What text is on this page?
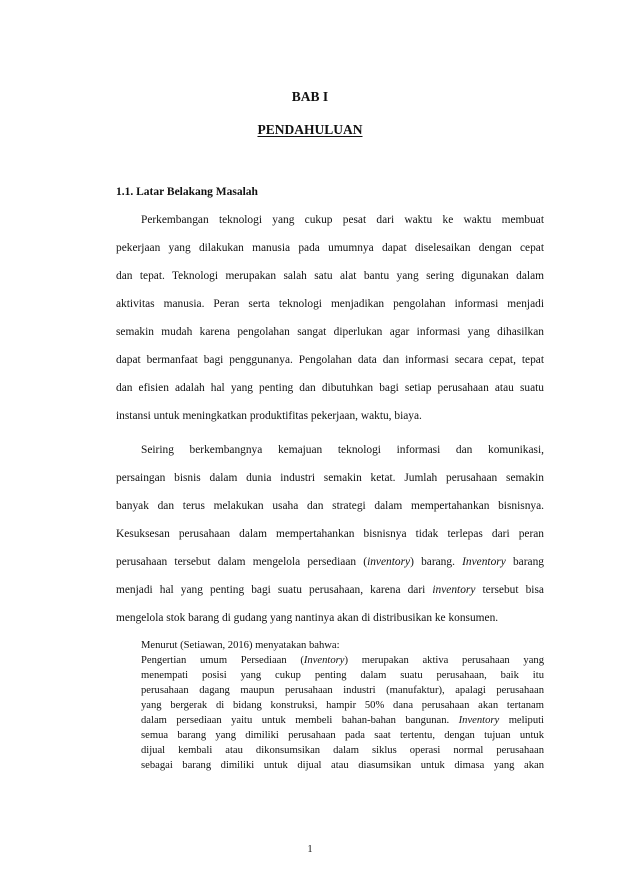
BAB I
PENDAHULUAN
1.1. Latar Belakang Masalah
Perkembangan teknologi yang cukup pesat dari waktu ke waktu membuat
pekerjaan yang dilakukan manusia pada umumnya dapat diselesaikan dengan cepat
dan tepat. Teknologi merupakan salah satu alat bantu yang sering digunakan dalam
aktivitas manusia. Peran serta teknologi menjadikan pengolahan informasi menjadi
semakin mudah karena pengolahan sangat diperlukan agar informasi yang dihasilkan
dapat bermanfaat bagi penggunanya. Pengolahan data dan informasi secara cepat, tepat
dan efisien adalah hal yang penting dan dibutuhkan bagi setiap perusahaan atau suatu
instansi untuk meningkatkan produktifitas pekerjaan, waktu, biaya.
Seiring berkembangnya kemajuan teknologi informasi dan komunikasi,
persaingan bisnis dalam dunia industri semakin ketat. Jumlah perusahaan semakin
banyak dan terus melakukan usaha dan strategi dalam mempertahankan bisnisnya.
Kesuksesan perusahaan dalam mempertahankan bisnisnya tidak terlepas dari peran
perusahaan tersebut dalam mengelola persediaan (inventory) barang. Inventory barang
menjadi hal yang penting bagi suatu perusahaan, karena dari inventory tersebut bisa
mengelola stok barang di gudang yang nantinya akan di distribusikan ke konsumen.
Menurut (Setiawan, 2016) menyatakan bahwa:
Pengertian umum Persediaan (Inventory) merupakan aktiva perusahaan yang
menempati posisi yang cukup penting dalam suatu perusahaan, baik itu
perusahaan dagang maupun perusahaan industri (manufaktur), apalagi perusahaan
yang bergerak di bidang konstruksi, hampir 50% dana perusahaan akan tertanam
dalam persediaan yaitu untuk membeli bahan-bahan bangunan. Inventory meliputi
semua barang yang dimiliki perusahaan pada saat tertentu, dengan tujuan untuk
dijual kembali atau dikonsumsikan dalam siklus operasi normal perusahaan
sebagai barang dimiliki untuk dijual atau diasumsikan untuk dimasa yang akan
1
